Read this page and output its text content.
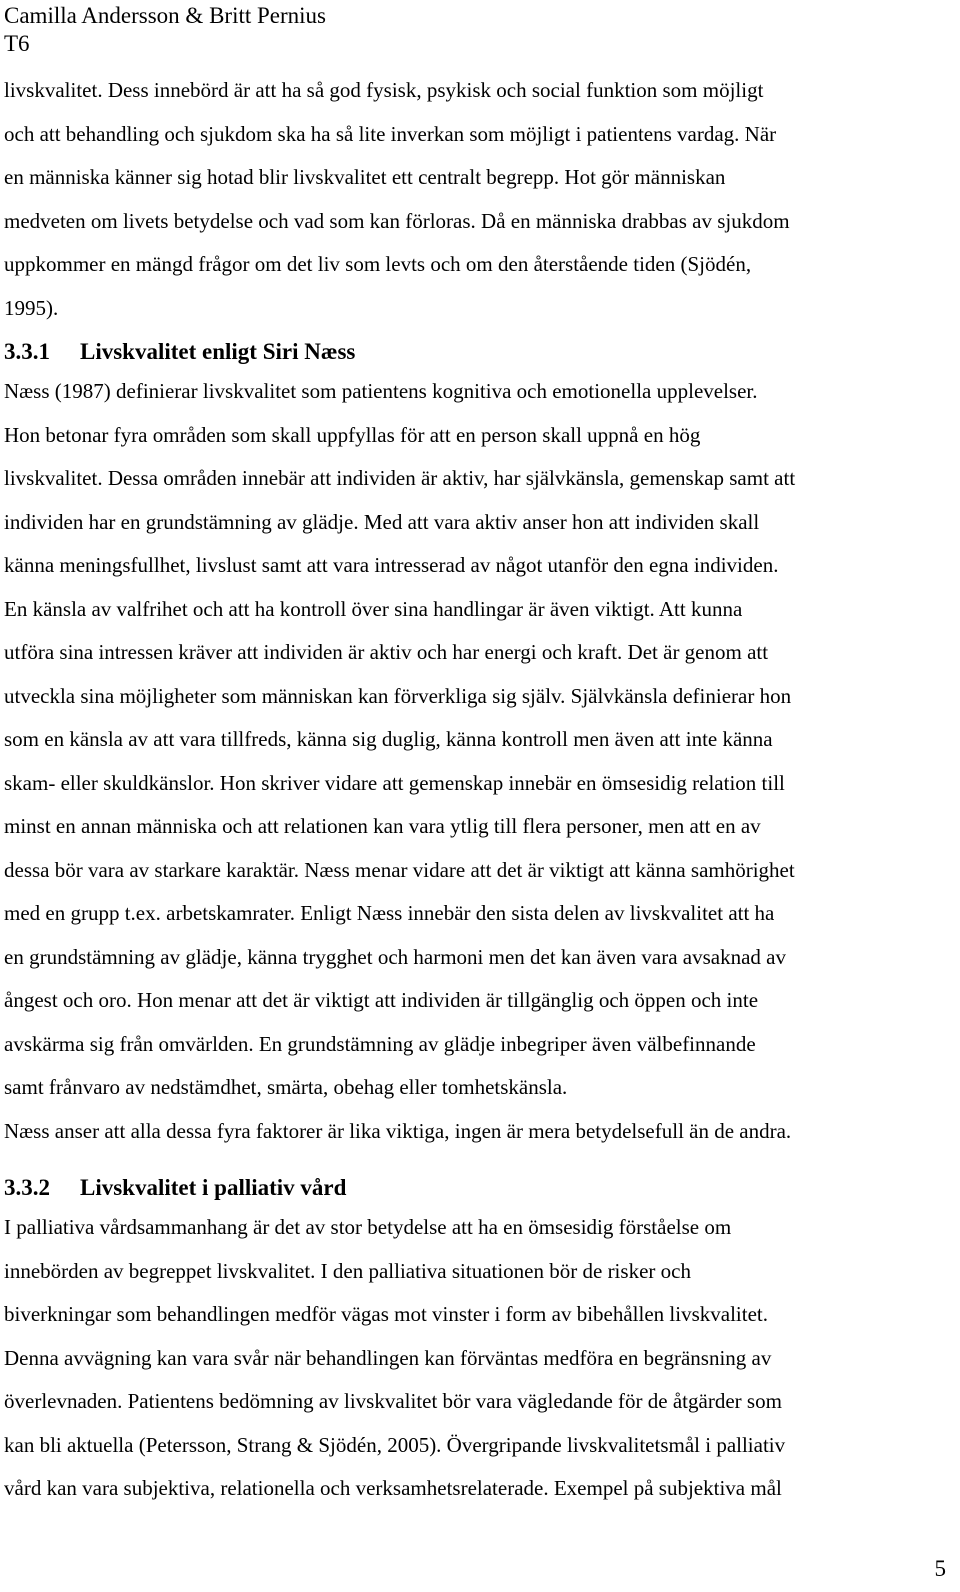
Camilla Andersson & Britt Pernius
T6
livskvalitet. Dess innebörd är att ha så god fysisk, psykisk och social funktion som möjligt
och att behandling och sjukdom ska ha så lite inverkan som möjligt i patientens vardag. När
en människa känner sig hotad blir livskvalitet ett centralt begrepp. Hot gör människan
medveten om livets betydelse och vad som kan förloras. Då en människa drabbas av sjukdom
uppkommer en mängd frågor om det liv som levts och om den återstående tiden (Sjödén,
1995).
3.3.1 Livskvalitet enligt Siri Næss
Næss (1987) definierar livskvalitet som patientens kognitiva och emotionella upplevelser.
Hon betonar fyra områden som skall uppfyllas för att en person skall uppnå en hög
livskvalitet. Dessa områden innebär att individen är aktiv, har självkänsla, gemenskap samt att
individen har en grundstämning av glädje. Med att vara aktiv anser hon att individen skall
känna meningsfullhet, livslust samt att vara intresserad av något utanför den egna individen.
En känsla av valfrihet och att ha kontroll över sina handlingar är även viktigt. Att kunna
utföra sina intressen kräver att individen är aktiv och har energi och kraft. Det är genom att
utveckla sina möjligheter som människan kan förverkliga sig själv. Självkänsla definierar hon
som en känsla av att vara tillfreds, känna sig duglig, känna kontroll men även att inte känna
skam- eller skuldkänslor. Hon skriver vidare att gemenskap innebär en ömsesidig relation till
minst en annan människa och att relationen kan vara ytlig till flera personer, men att en av
dessa bör vara av starkare karaktär. Næss menar vidare att det är viktigt att känna samhörighet
med en grupp t.ex. arbetskamrater. Enligt Næss innebär den sista delen av livskvalitet att ha
en grundstämning av glädje, känna trygghet och harmoni men det kan även vara avsaknad av
ångest och oro. Hon menar att det är viktigt att individen är tillgänglig och öppen och inte
avskärma sig från omvärlden. En grundstämning av glädje inbegriper även välbefinnande
samt frånvaro av nedstämdhet, smärta, obehag eller tomhetskänsla.
Næss anser att alla dessa fyra faktorer är lika viktiga, ingen är mera betydelsefull än de andra.
3.3.2 Livskvalitet i palliativ vård
I palliativa vårdsammanhang är det av stor betydelse att ha en ömsesidig förståelse om
innebörden av begreppet livskvalitet. I den palliativa situationen bör de risker och
biverkningar som behandlingen medför vägas mot vinster i form av bibehållen livskvalitet.
Denna avvägning kan vara svår när behandlingen kan förväntas medföra en begränsning av
överlevnaden. Patientens bedömning av livskvalitet bör vara vägledande för de åtgärder som
kan bli aktuella (Petersson, Strang & Sjödén, 2005). Övergripande livskvalitetsmål i palliativ
vård kan vara subjektiva, relationella och verksamhetsrelaterade. Exempel på subjektiva mål
5
